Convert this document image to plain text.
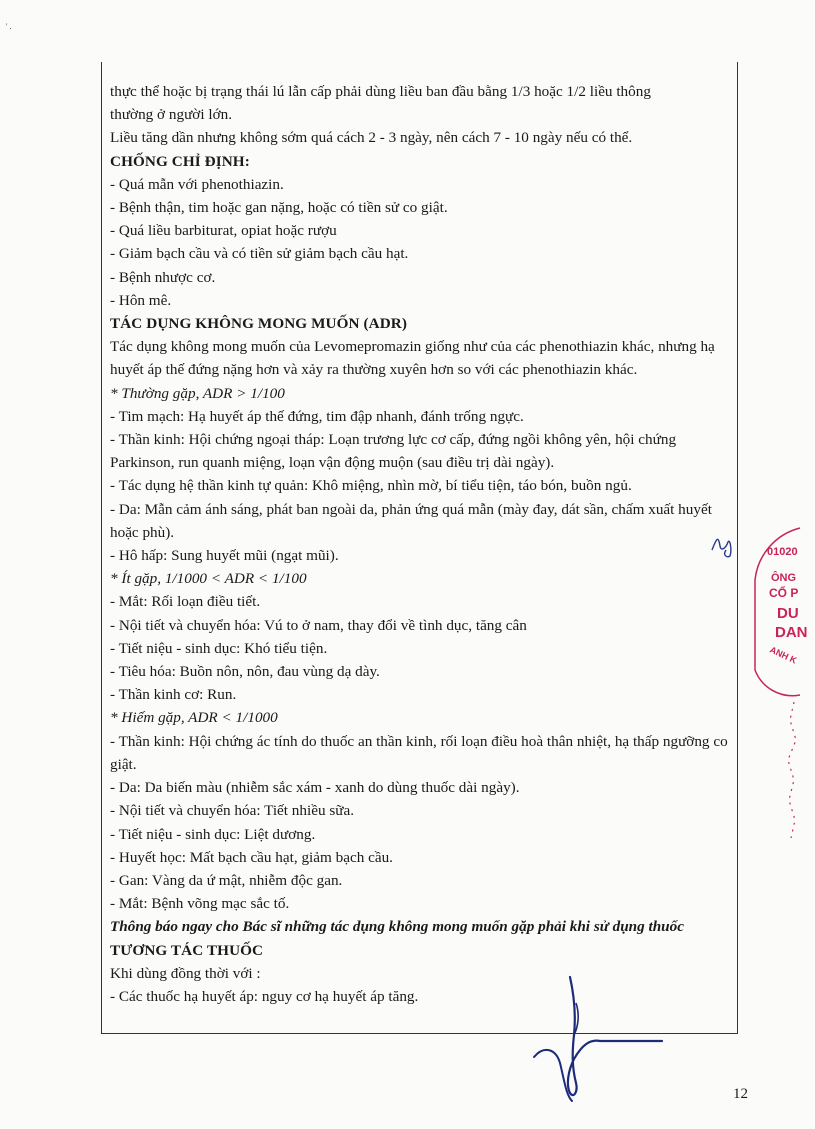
' .
thực thể hoặc bị trạng thái lú lẫn cấp phải dùng liều ban đầu bằng 1/3 hoặc 1/2 liều thông
thường ở người lớn.
Liều tăng dần nhưng không sớm quá cách 2 - 3 ngày, nên cách 7 - 10 ngày nếu có thể.
CHỐNG CHỈ ĐỊNH:
- Quá mẫn với phenothiazin.
- Bệnh thận, tim hoặc gan nặng, hoặc có tiền sử co giật.
- Quá liều barbiturat, opiat hoặc rượu
- Giảm bạch cầu và có tiền sử giảm bạch cầu hạt.
- Bệnh nhược cơ.
- Hôn mê.
TÁC DỤNG KHÔNG MONG MUỐN (ADR)
Tác dụng không mong muốn của Levomepromazin giống như của các phenothiazin khác, nhưng hạ huyết áp thế đứng nặng hơn và xảy ra thường xuyên hơn so với các phenothiazin khác.
* Thường gặp, ADR > 1/100
- Tim mạch: Hạ huyết áp thế đứng, tim đập nhanh, đánh trống ngực.
- Thần kinh: Hội chứng ngoại tháp: Loạn trương lực cơ cấp, đứng ngồi không yên, hội chứng Parkinson, run quanh miệng, loạn vận động muộn (sau điều trị dài ngày).
- Tác dụng hệ thần kinh tự quản: Khô miệng, nhìn mờ, bí tiểu tiện, táo bón, buồn ngủ.
- Da: Mẫn cảm ánh sáng, phát ban ngoài da, phản ứng quá mẫn (mày đay, dát sần, chấm xuất huyết hoặc phù).
- Hô hấp: Sung huyết mũi (ngạt mũi).
* Ít gặp, 1/1000 < ADR < 1/100
- Mắt: Rối loạn điều tiết.
- Nội tiết và chuyển hóa: Vú to ở nam, thay đổi về tình dục, tăng cân
- Tiết niệu - sinh dục: Khó tiểu tiện.
- Tiêu hóa: Buồn nôn, nôn, đau vùng dạ dày.
- Thần kinh cơ: Run.
* Hiếm gặp, ADR < 1/1000
- Thần kinh: Hội chứng ác tính do thuốc an thần kinh, rối loạn điều hoà thân nhiệt, hạ thấp ngưỡng co giật.
- Da: Da biến màu (nhiễm sắc xám - xanh do dùng thuốc dài ngày).
- Nội tiết và chuyển hóa: Tiết nhiều sữa.
- Tiết niệu - sinh dục: Liệt dương.
- Huyết học: Mất bạch cầu hạt, giảm bạch cầu.
- Gan: Vàng da ứ mật, nhiễm độc gan.
- Mắt: Bệnh võng mạc sắc tố.
Thông báo ngay cho Bác sĩ những tác dụng không mong muốn gặp phải khi sử dụng thuốc
TƯƠNG TÁC THUỐC
Khi dùng đồng thời với :
- Các thuốc hạ huyết áp: nguy cơ hạ huyết áp tăng.
01020
ÔNG
CỔ P
DU
DAN
ANH K
12
